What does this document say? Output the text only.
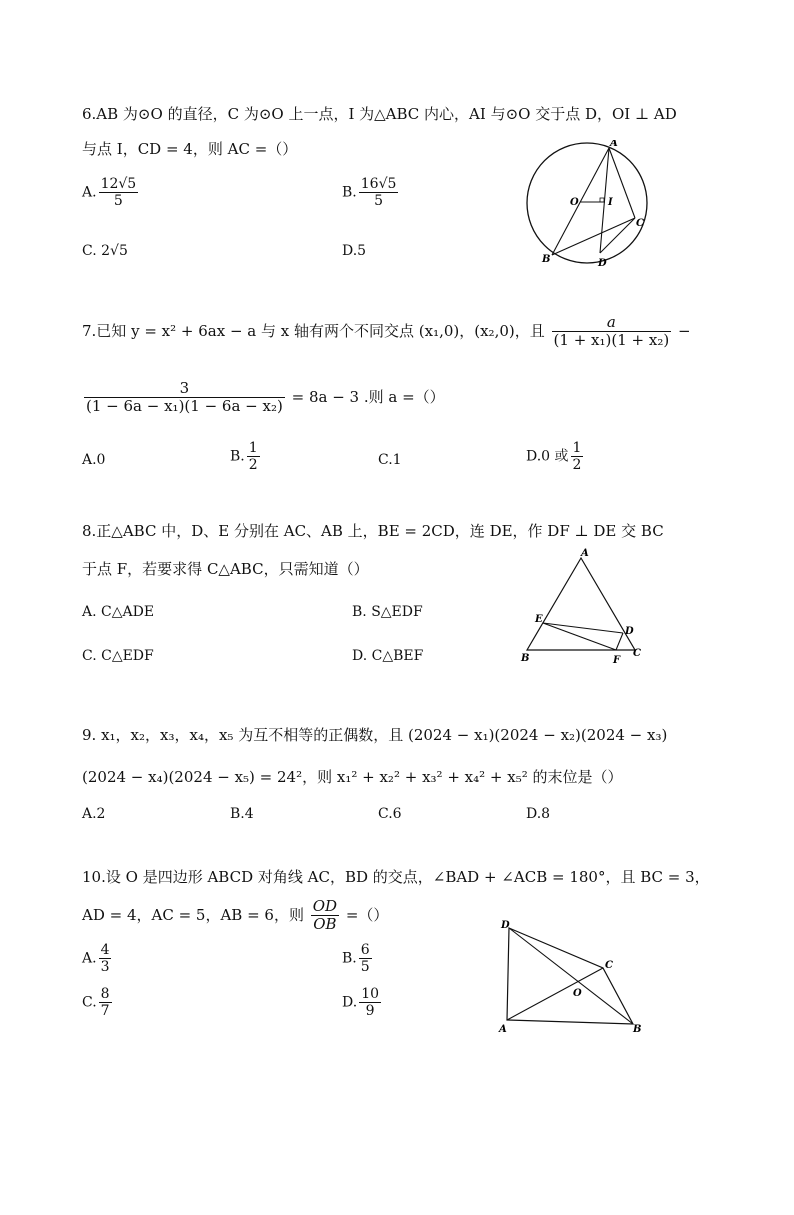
6.AB 为⊙O 的直径，C 为⊙O 上一点，I 为△ABC 内心，AI 与⊙O 交于点 D，OI ⊥ AD
与点 I，CD = 4，则 AC =（）
A. $\frac{12√5}{5}$	B. $\frac{16√5}{5}$
C. 2√5	D.5
A
O	I
C
B	D
7.已知 y = x² + 6ax − a 与 x 轴有两个不同交点 (x₁,0)，(x₂,0)，且 $\frac{a}{\text{(1 + x₁)(1 + x₂)}}$ −
$\frac{3}{\text{(1 − 6a − x₁)(1 − 6a − x₂)}} = 8a - 3$ .则 a =（）
A.0	B. $\frac{1}{2}$	C.1	D.0 或 $\frac{1}{2}$
8.正△ABC 中，D、E 分别在 AC、AB 上，BE = 2CD，连 DE，作 DF ⊥ DE 交 BC
于点 F，若要求得 C△ABC，只需知道（）
A. C△ADE	B. S△EDF
C. C△EDF	D. C△BEF
A
E
D
B	F
C
9. x₁，x₂，x₃，x₄，x₅ 为互不相等的正偶数，且 (2024 − x₁)(2024 − x₂)(2024 − x₃)
(2024 − x₄)(2024 − x₅) = 24²，则 x₁² + x₂² + x₃² + x₄² + x₅² 的末位是（）
A.2	B.4	C.6	D.8
10.设 O 是四边形 ABCD 对角线 AC，BD 的交点，∠BAD + ∠ACB = 180°，且 BC = 3，
AD = 4，AC = 5，AB = 6，则 $\frac{OD}{OB}$ =（）
A. $\frac{4}{3}$	B. $\frac{6}{5}$
C. $\frac{8}{7}$	D. $\frac{10}{9}$
D
C
O
A	B
